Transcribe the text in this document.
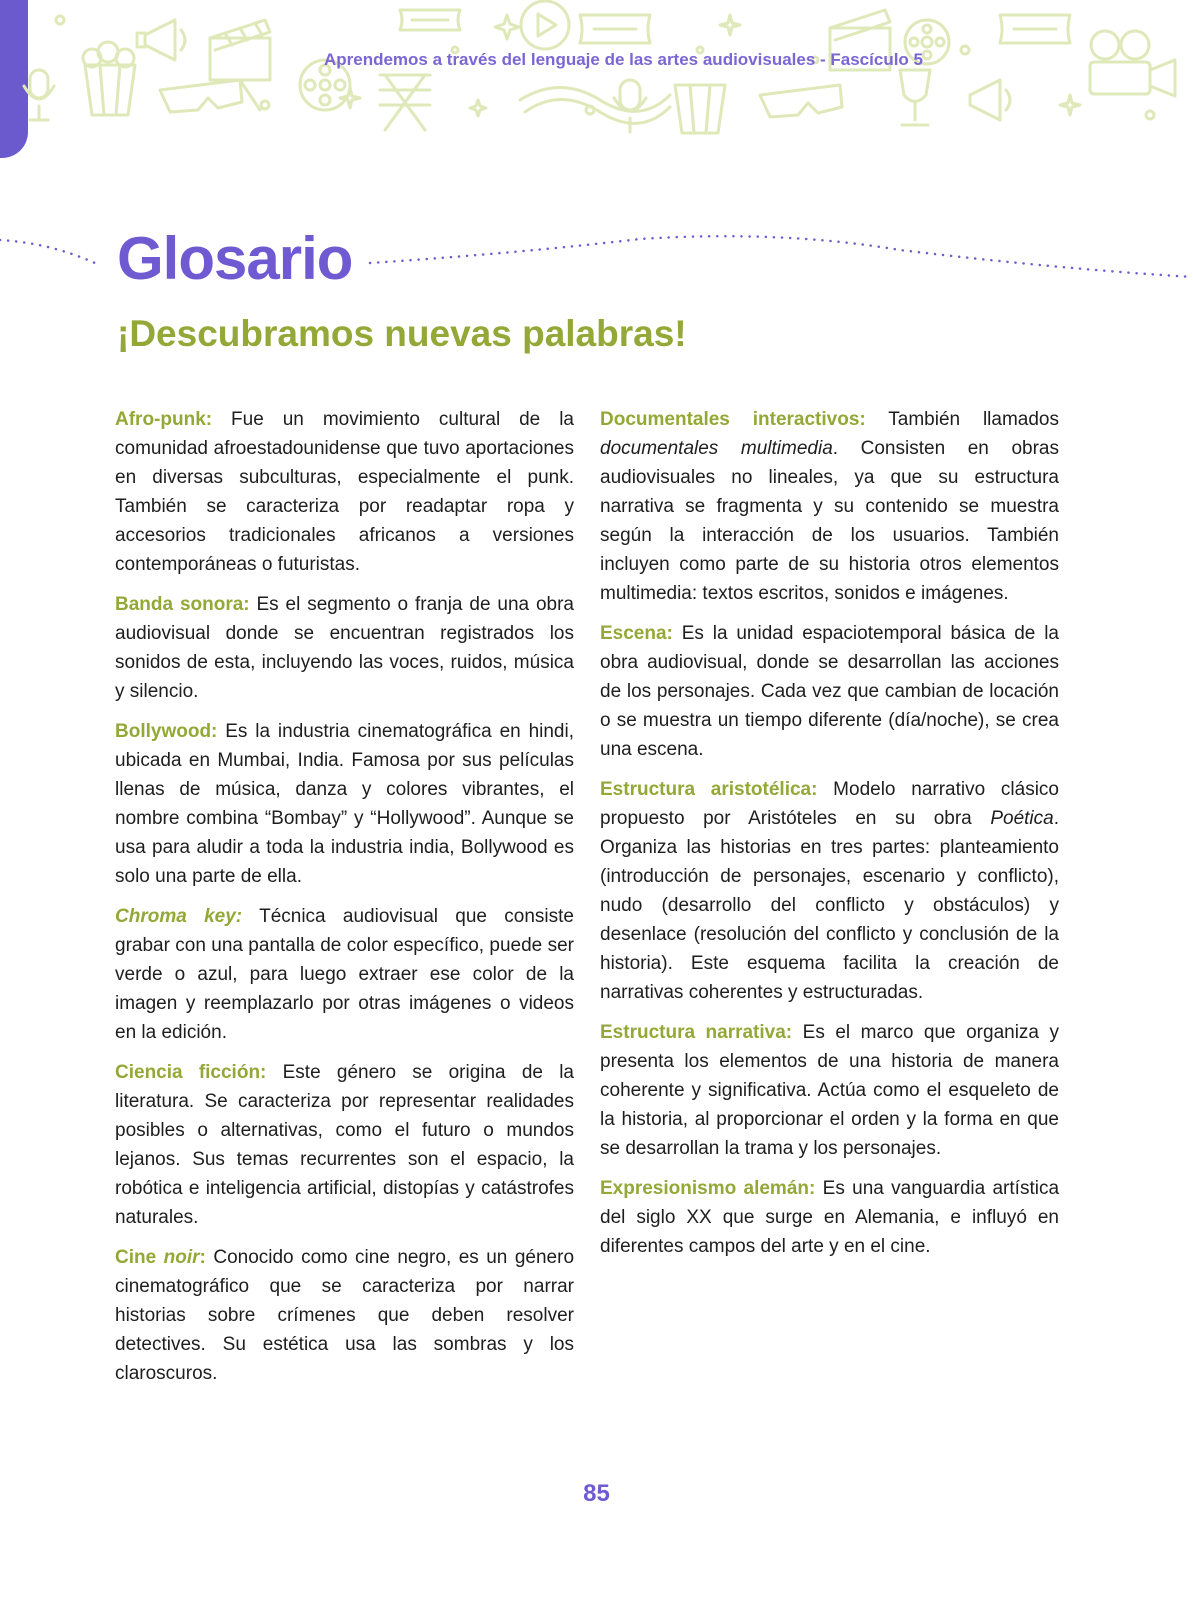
Aprendemos a través del lenguaje de las artes audiovisuales - Fascículo 5
Glosario
¡Descubramos nuevas palabras!

Afro-punk: Fue un movimiento cultural de la comunidad afroestadounidense que tuvo aportaciones en diversas subculturas, especialmente el punk. También se caracteriza por readaptar ropa y accesorios tradicionales africanos a versiones contemporáneas o futuristas.

Banda sonora: Es el segmento o franja de una obra audiovisual donde se encuentran registrados los sonidos de esta, incluyendo las voces, ruidos, música y silencio.

Bollywood: Es la industria cinematográfica en hindi, ubicada en Mumbai, India. Famosa por sus películas llenas de música, danza y colores vibrantes, el nombre combina “Bombay” y “Hollywood”. Aunque se usa para aludir a toda la industria india, Bollywood es solo una parte de ella.

Chroma key: Técnica audiovisual que consiste grabar con una pantalla de color específico, puede ser verde o azul, para luego extraer ese color de la imagen y reemplazarlo por otras imágenes o videos en la edición.

Ciencia ficción: Este género se origina de la literatura. Se caracteriza por representar realidades posibles o alternativas, como el futuro o mundos lejanos. Sus temas recurrentes son el espacio, la robótica e inteligencia artificial, distopías y catástrofes naturales.

Cine noir: Conocido como cine negro, es un género cinematográfico que se caracteriza por narrar historias sobre crímenes que deben resolver detectives. Su estética usa las sombras y los claroscuros.

Documentales interactivos: También llamados documentales multimedia. Consisten en obras audiovisuales no lineales, ya que su estructura narrativa se fragmenta y su contenido se muestra según la interacción de los usuarios. También incluyen como parte de su historia otros elementos multimedia: textos escritos, sonidos e imágenes.

Escena: Es la unidad espaciotemporal básica de la obra audiovisual, donde se desarrollan las acciones de los personajes. Cada vez que cambian de locación o se muestra un tiempo diferente (día/noche), se crea una escena.

Estructura aristotélica: Modelo narrativo clásico propuesto por Aristóteles en su obra Poética. Organiza las historias en tres partes: planteamiento (introducción de personajes, escenario y conflicto), nudo (desarrollo del conflicto y obstáculos) y desenlace (resolución del conflicto y conclusión de la historia). Este esquema facilita la creación de narrativas coherentes y estructuradas.

Estructura narrativa: Es el marco que organiza y presenta los elementos de una historia de manera coherente y significativa. Actúa como el esqueleto de la historia, al proporcionar el orden y la forma en que se desarrollan la trama y los personajes.

Expresionismo alemán: Es una vanguardia artística del siglo XX que surge en Alemania, e influyó en diferentes campos del arte y en el cine.

85
